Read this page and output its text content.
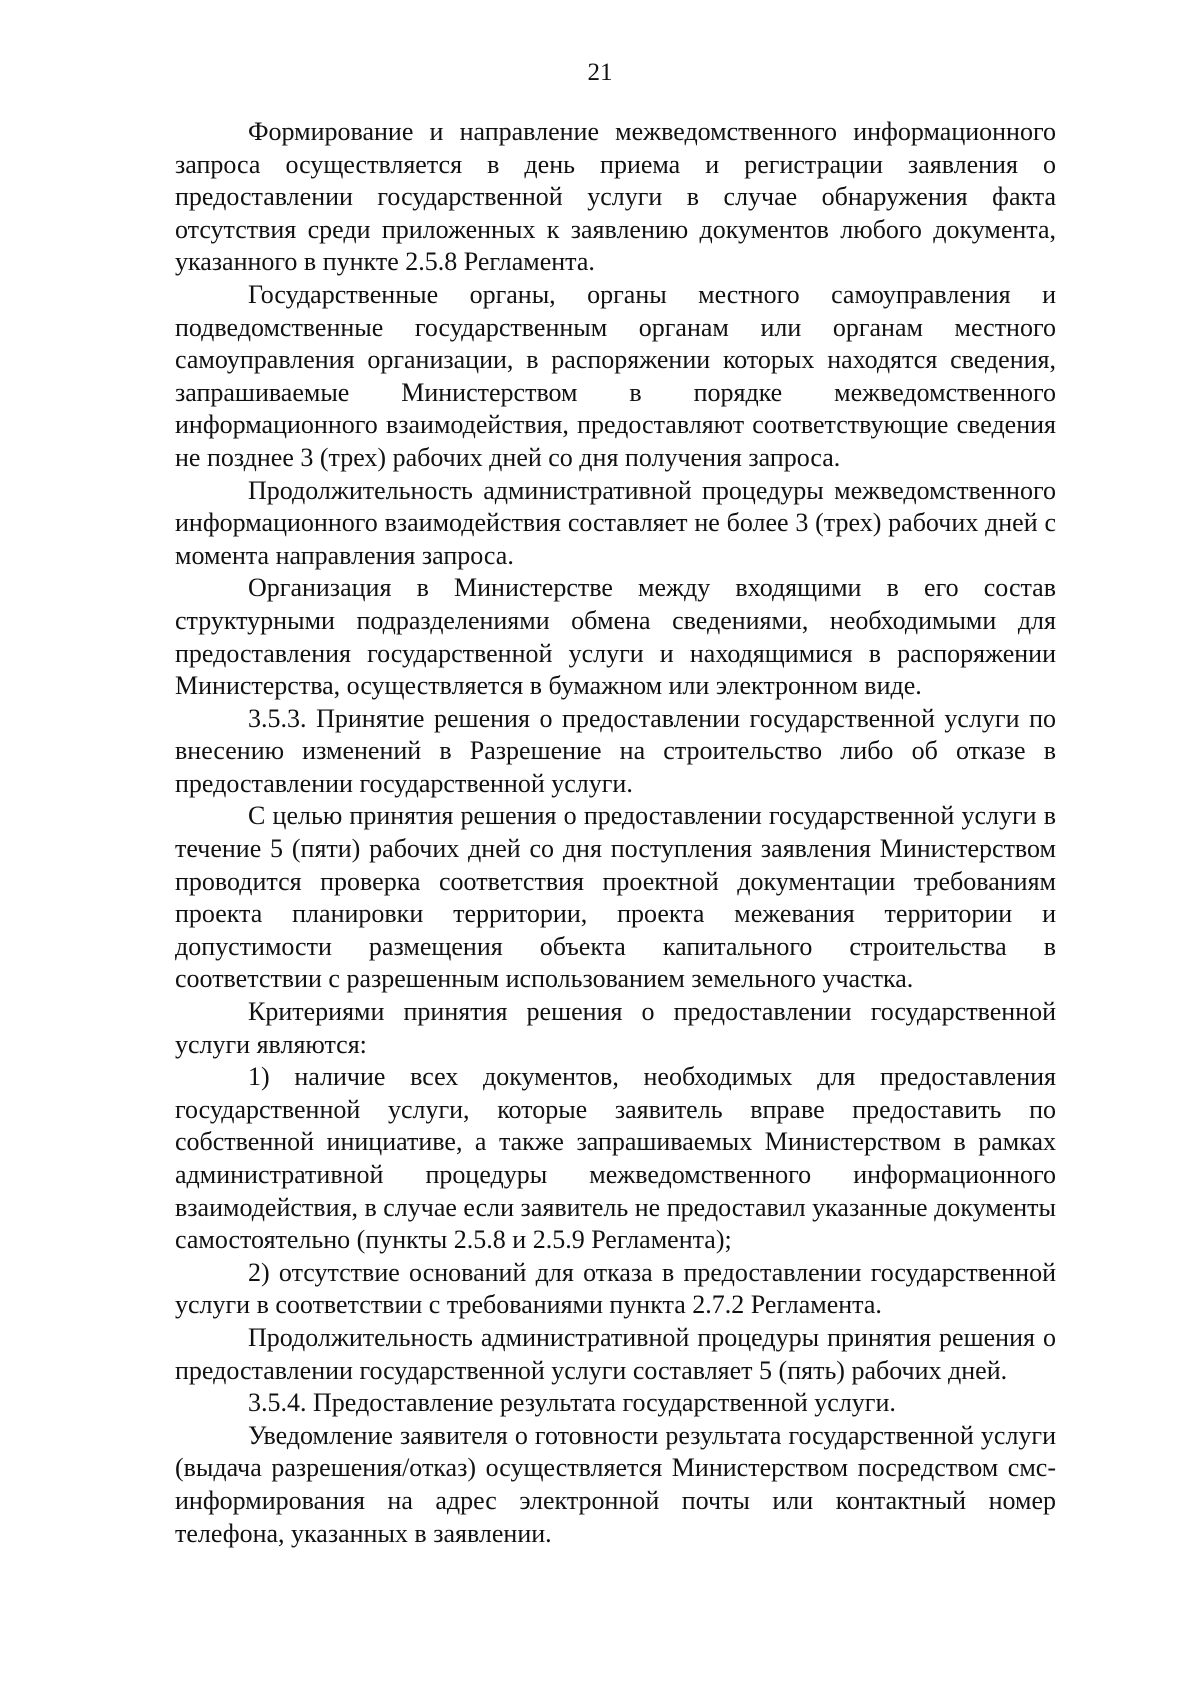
21

Формирование и направление межведомственного информационного запроса осуществляется в день приема и регистрации заявления о предоставлении государственной услуги в случае обнаружения факта отсутствия среди приложенных к заявлению документов любого документа, указанного в пункте 2.5.8 Регламента.

Государственные органы, органы местного самоуправления и подведомственные государственным органам или органам местного самоуправления организации, в распоряжении которых находятся сведения, запрашиваемые Министерством в порядке межведомственного информационного взаимодействия, предоставляют соответствующие сведения не позднее 3 (трех) рабочих дней со дня получения запроса.

Продолжительность административной процедуры межведомственного информационного взаимодействия составляет не более 3 (трех) рабочих дней с момента направления запроса.

Организация в Министерстве между входящими в его состав структурными подразделениями обмена сведениями, необходимыми для предоставления государственной услуги и находящимися в распоряжении Министерства, осуществляется в бумажном или электронном виде.

3.5.3. Принятие решения о предоставлении государственной услуги по внесению изменений в Разрешение на строительство либо об отказе в предоставлении государственной услуги.

С целью принятия решения о предоставлении государственной услуги в течение 5 (пяти) рабочих дней со дня поступления заявления Министерством проводится проверка соответствия проектной документации требованиям проекта планировки территории, проекта межевания территории и допустимости размещения объекта капитального строительства в соответствии с разрешенным использованием земельного участка.

Критериями принятия решения о предоставлении государственной услуги являются:

1) наличие всех документов, необходимых для предоставления государственной услуги, которые заявитель вправе предоставить по собственной инициативе, а также запрашиваемых Министерством в рамках административной процедуры межведомственного информационного взаимодействия, в случае если заявитель не предоставил указанные документы самостоятельно (пункты 2.5.8 и 2.5.9 Регламента);

2) отсутствие оснований для отказа в предоставлении государственной услуги в соответствии с требованиями пункта 2.7.2 Регламента.

Продолжительность административной процедуры принятия решения о предоставлении государственной услуги составляет 5 (пять) рабочих дней.

3.5.4. Предоставление результата государственной услуги.

Уведомление заявителя о готовности результата государственной услуги (выдача разрешения/отказ) осуществляется Министерством посредством смс-информирования на адрес электронной почты или контактный номер телефона, указанных в заявлении.
